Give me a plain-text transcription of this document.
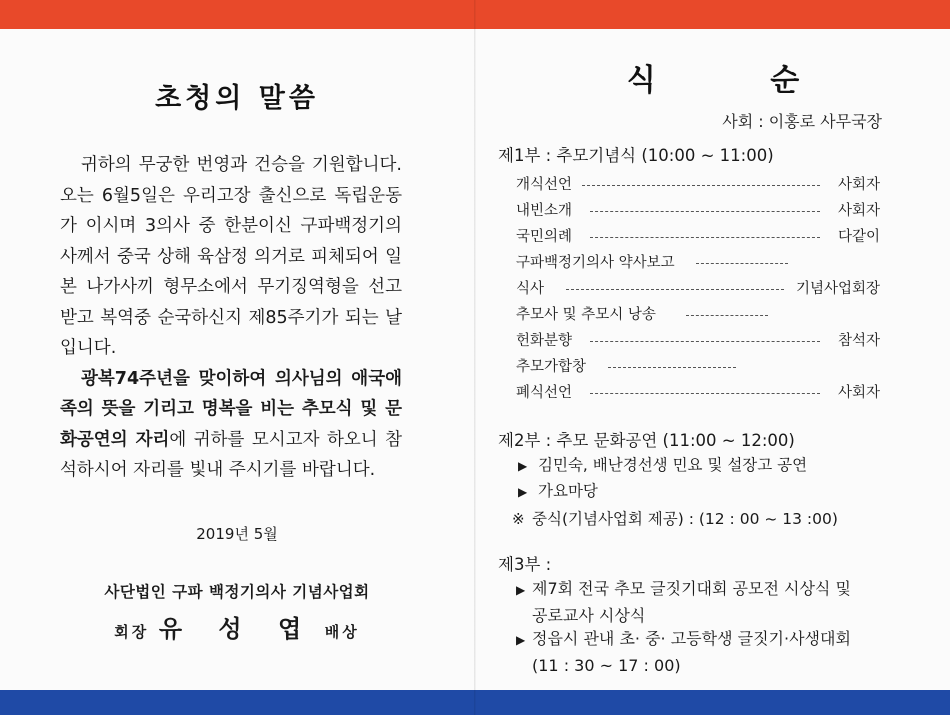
초청의 말씀

귀하의 무궁한 번영과 건승을 기원합니다. 오는 6월5일은 우리고장 출신으로 독립운동가 이시며 3의사 중 한분이신 구파백정기의사께서 중국 상해 육삼정 의거로 피체되어 일본 나가사끼 형무소에서 무기징역형을 선고 받고 복역중 순국하신지 제85주기가 되는 날입니다.

광복74주년을 맞이하여 의사님의 애국애족의 뜻을 기리고 명복을 비는 추모식 및 문화공연의 자리에 귀하를 모시고자 하오니 참석하시어 자리를 빛내 주시기를 바랍니다.

2019년 5월
사단법인 구파 백정기의사 기념사업회
회장 유 성 엽 배상
식 순
사회 : 이홍로 사무국장
제1부 : 추모기념식 (10:00 ~ 11:00)
개식선언	사회자
내빈소개	사회자
국민의례	다같이
구파백정기의사 약사보고
식사	기념사업회장
추모사 및 추모시 낭송
헌화분향	참석자
추모가합창
폐식선언	사회자
제2부 : 추모 문화공연 (11:00 ~ 12:00)
▶ 김민숙, 배난경선생 민요 및 설장고 공연
▶ 가요마당
※ 중식(기념사업회 제공) : (12 : 00 ~ 13 :00)
제3부 :
▶ 제7회 전국 추모 글짓기대회 공모전 시상식 및
공로교사 시상식
▶ 정읍시 관내 초· 중· 고등학생 글짓기·사생대회
(11 : 30 ~ 17 : 00)
